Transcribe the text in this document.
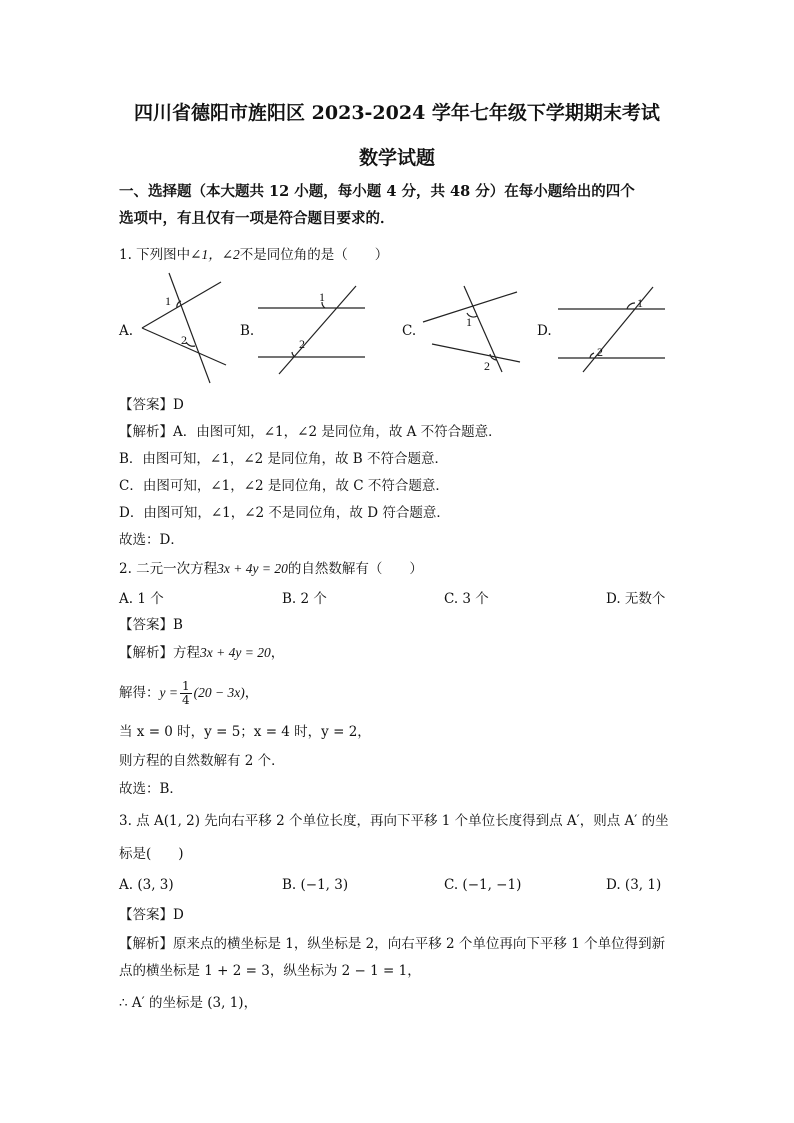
四川省德阳市旌阳区 2023-2024 学年七年级下学期期末考试
数学试题
一、选择题（本大题共 12 小题，每小题 4 分，共 48 分）在每小题给出的四个
选项中，有且仅有一项是符合题目要求的．
1. 下列图中∠1，∠2不是同位角的是（　　）
A.
1
2
B.
1
2
C.
1
2
D.
1
2
【答案】D
【解析】A．由图可知，∠1，∠2 是同位角，故 A 不符合题意．
B．由图可知，∠1，∠2 是同位角，故 B 不符合题意．
C．由图可知，∠1，∠2 是同位角，故 C 不符合题意．
D．由图可知，∠1，∠2 不是同位角，故 D 符合题意．
故选：D．
2. 二元一次方程3x + 4y = 20的自然数解有（　　）
A. 1 个	B. 2 个	C. 3 个	D. 无数个
【答案】B
【解析】方程3x + 4y = 20，
解得：$y = \frac{1}{4} (20 - 3x)$，
当 x = 0 时，y = 5；x = 4 时，y = 2，
则方程的自然数解有 2 个．
故选：B．
3. 点 A(1, 2) 先向右平移 2 个单位长度，再向下平移 1 个单位长度得到点 A′，则点 A′ 的坐
标是(　　)
A. (3, 3)	B. (−1, 3)	C. (−1, −1)	D. (3, 1)
【答案】D
【解析】原来点的横坐标是 1，纵坐标是 2，向右平移 2 个单位再向下平移 1 个单位得到新
点的横坐标是 1 + 2 = 3，纵坐标为 2 − 1 = 1，
∴ A′ 的坐标是 (3, 1)，
